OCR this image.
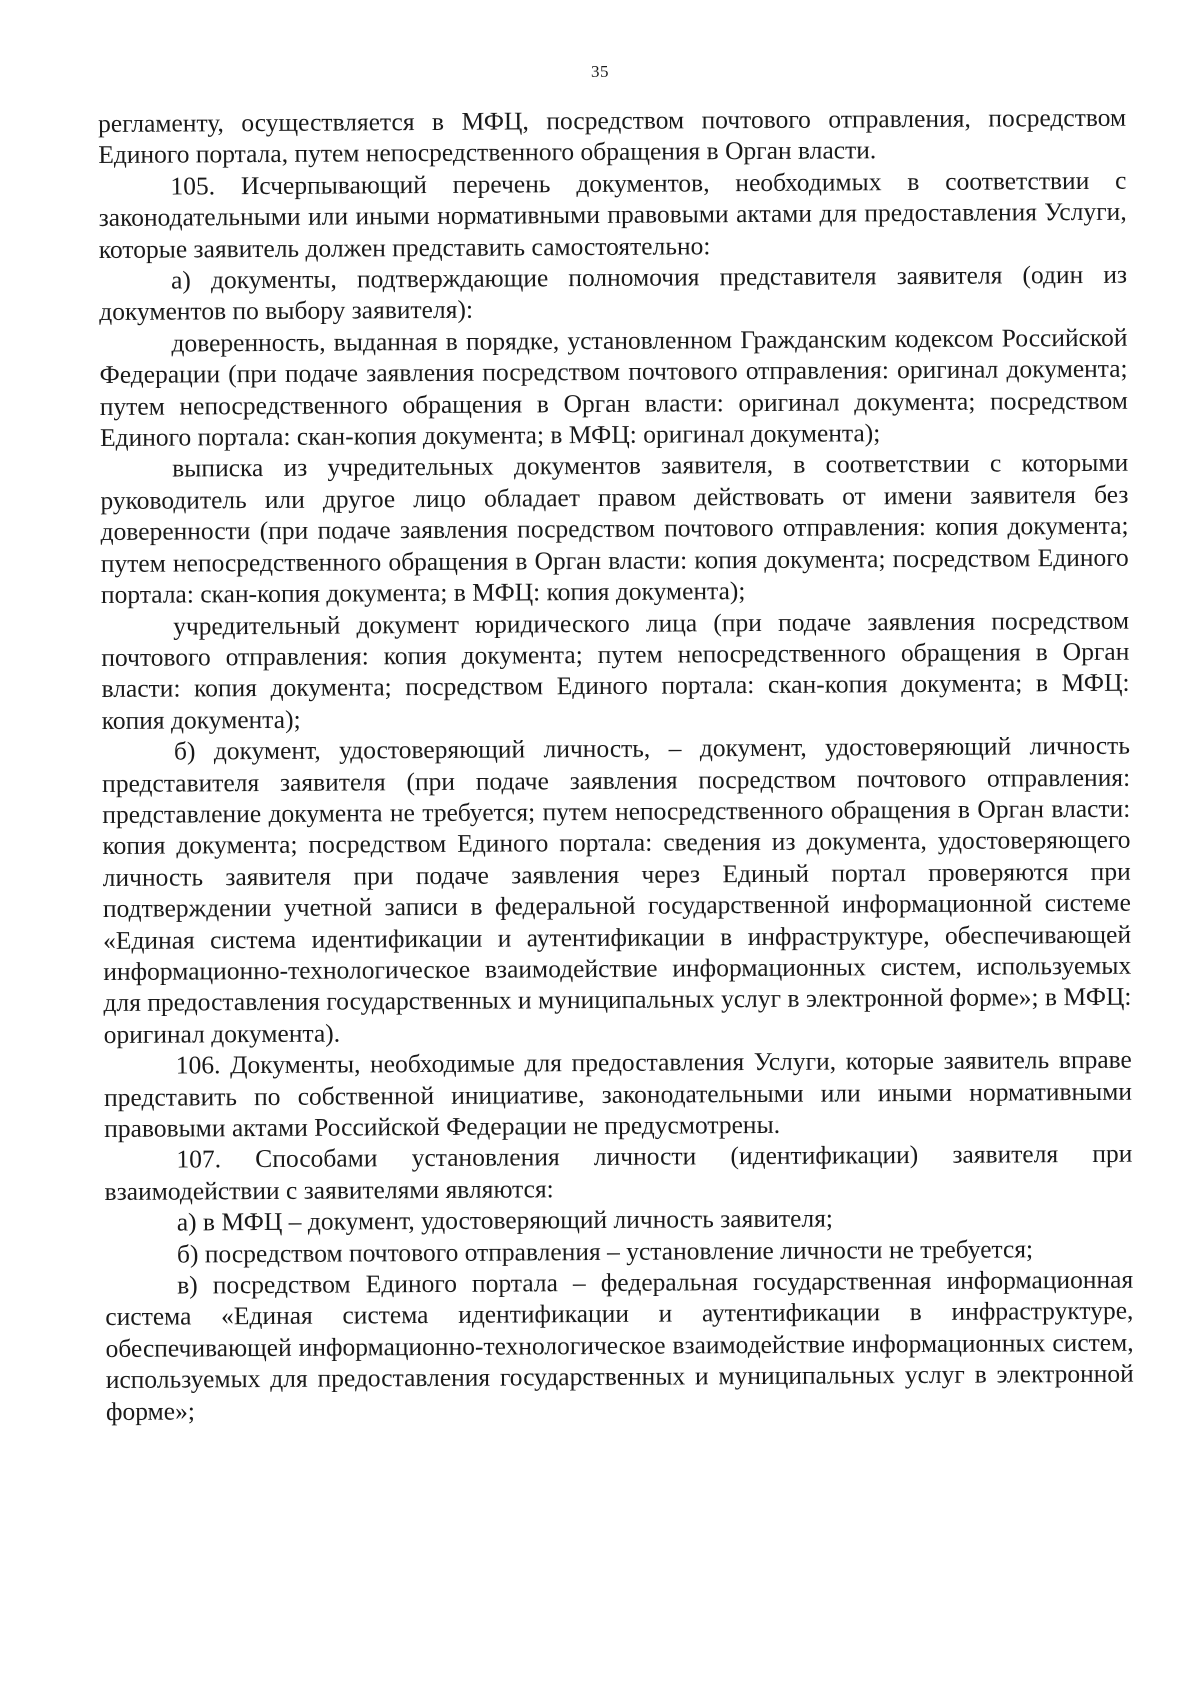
35

регламенту, осуществляется в МФЦ, посредством почтового отправления, посредством Единого портала, путем непосредственного обращения в Орган власти.

105. Исчерпывающий перечень документов, необходимых в соответствии с законодательными или иными нормативными правовыми актами для предоставления Услуги, которые заявитель должен представить самостоятельно:

а) документы, подтверждающие полномочия представителя заявителя (один из документов по выбору заявителя):

доверенность, выданная в порядке, установленном Гражданским кодексом Российской Федерации (при подаче заявления посредством почтового отправления: оригинал документа; путем непосредственного обращения в Орган власти: оригинал документа; посредством Единого портала: скан-копия документа; в МФЦ: оригинал документа);

выписка из учредительных документов заявителя, в соответствии с которыми руководитель или другое лицо обладает правом действовать от имени заявителя без доверенности (при подаче заявления посредством почтового отправления: копия документа; путем непосредственного обращения в Орган власти: копия документа; посредством Единого портала: скан-копия документа; в МФЦ: копия документа);

учредительный документ юридического лица (при подаче заявления посредством почтового отправления: копия документа; путем непосредственного обращения в Орган власти: копия документа; посредством Единого портала: скан-копия документа; в МФЦ: копия документа);

б) документ, удостоверяющий личность, – документ, удостоверяющий личность представителя заявителя (при подаче заявления посредством почтового отправления: представление документа не требуется; путем непосредственного обращения в Орган власти: копия документа; посредством Единого портала: сведения из документа, удостоверяющего личность заявителя при подаче заявления через Единый портал проверяются при подтверждении учетной записи в федеральной государственной информационной системе «Единая система идентификации и аутентификации в инфраструктуре, обеспечивающей информационно-технологическое взаимодействие информационных систем, используемых для предоставления государственных и муниципальных услуг в электронной форме»; в МФЦ: оригинал документа).

106. Документы, необходимые для предоставления Услуги, которые заявитель вправе представить по собственной инициативе, законодательными или иными нормативными правовыми актами Российской Федерации не предусмотрены.

107. Способами установления личности (идентификации) заявителя при взаимодействии с заявителями являются:

а) в МФЦ – документ, удостоверяющий личность заявителя;

б) посредством почтового отправления – установление личности не требуется;

в) посредством Единого портала – федеральная государственная информационная система «Единая система идентификации и аутентификации в инфраструктуре, обеспечивающей информационно-технологическое взаимодействие информационных систем, используемых для предоставления государственных и муниципальных услуг в электронной форме»;
